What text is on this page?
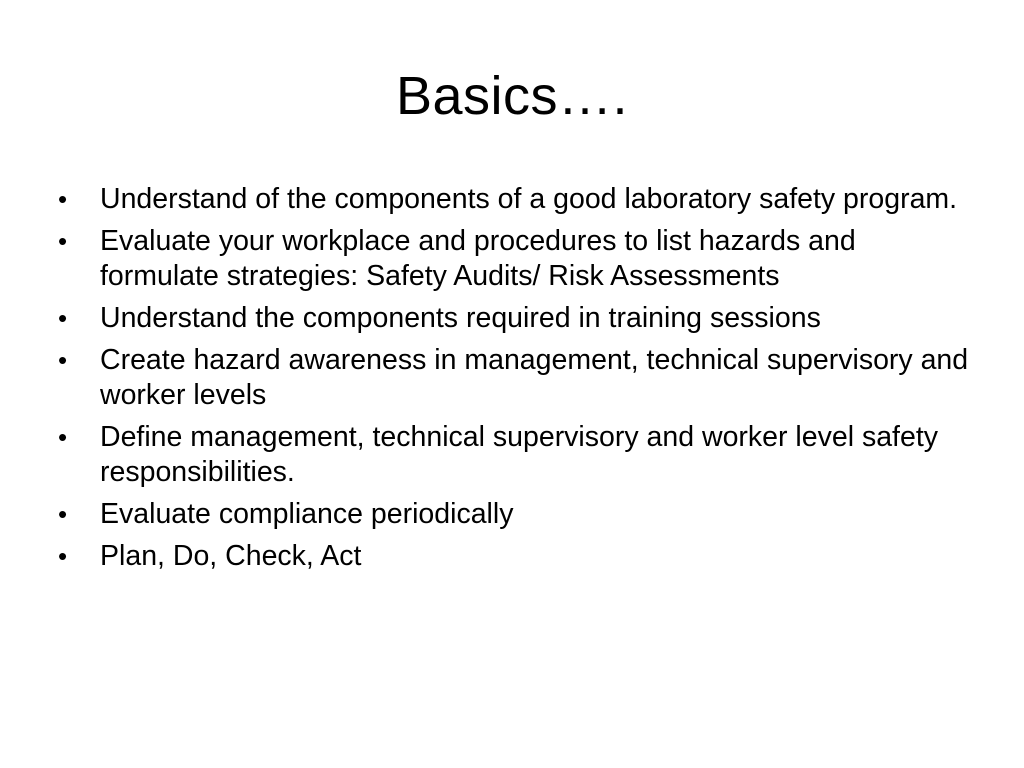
Basics….
•	Understand of the components of a good laboratory safety program.
•	Evaluate your workplace and procedures to list hazards and formulate strategies: Safety Audits/ Risk Assessments
•	Understand the components required in training sessions
•	Create hazard awareness in management, technical supervisory and worker levels
•	Define management, technical supervisory and worker level safety responsibilities.
•	Evaluate compliance periodically
•	Plan, Do, Check, Act
